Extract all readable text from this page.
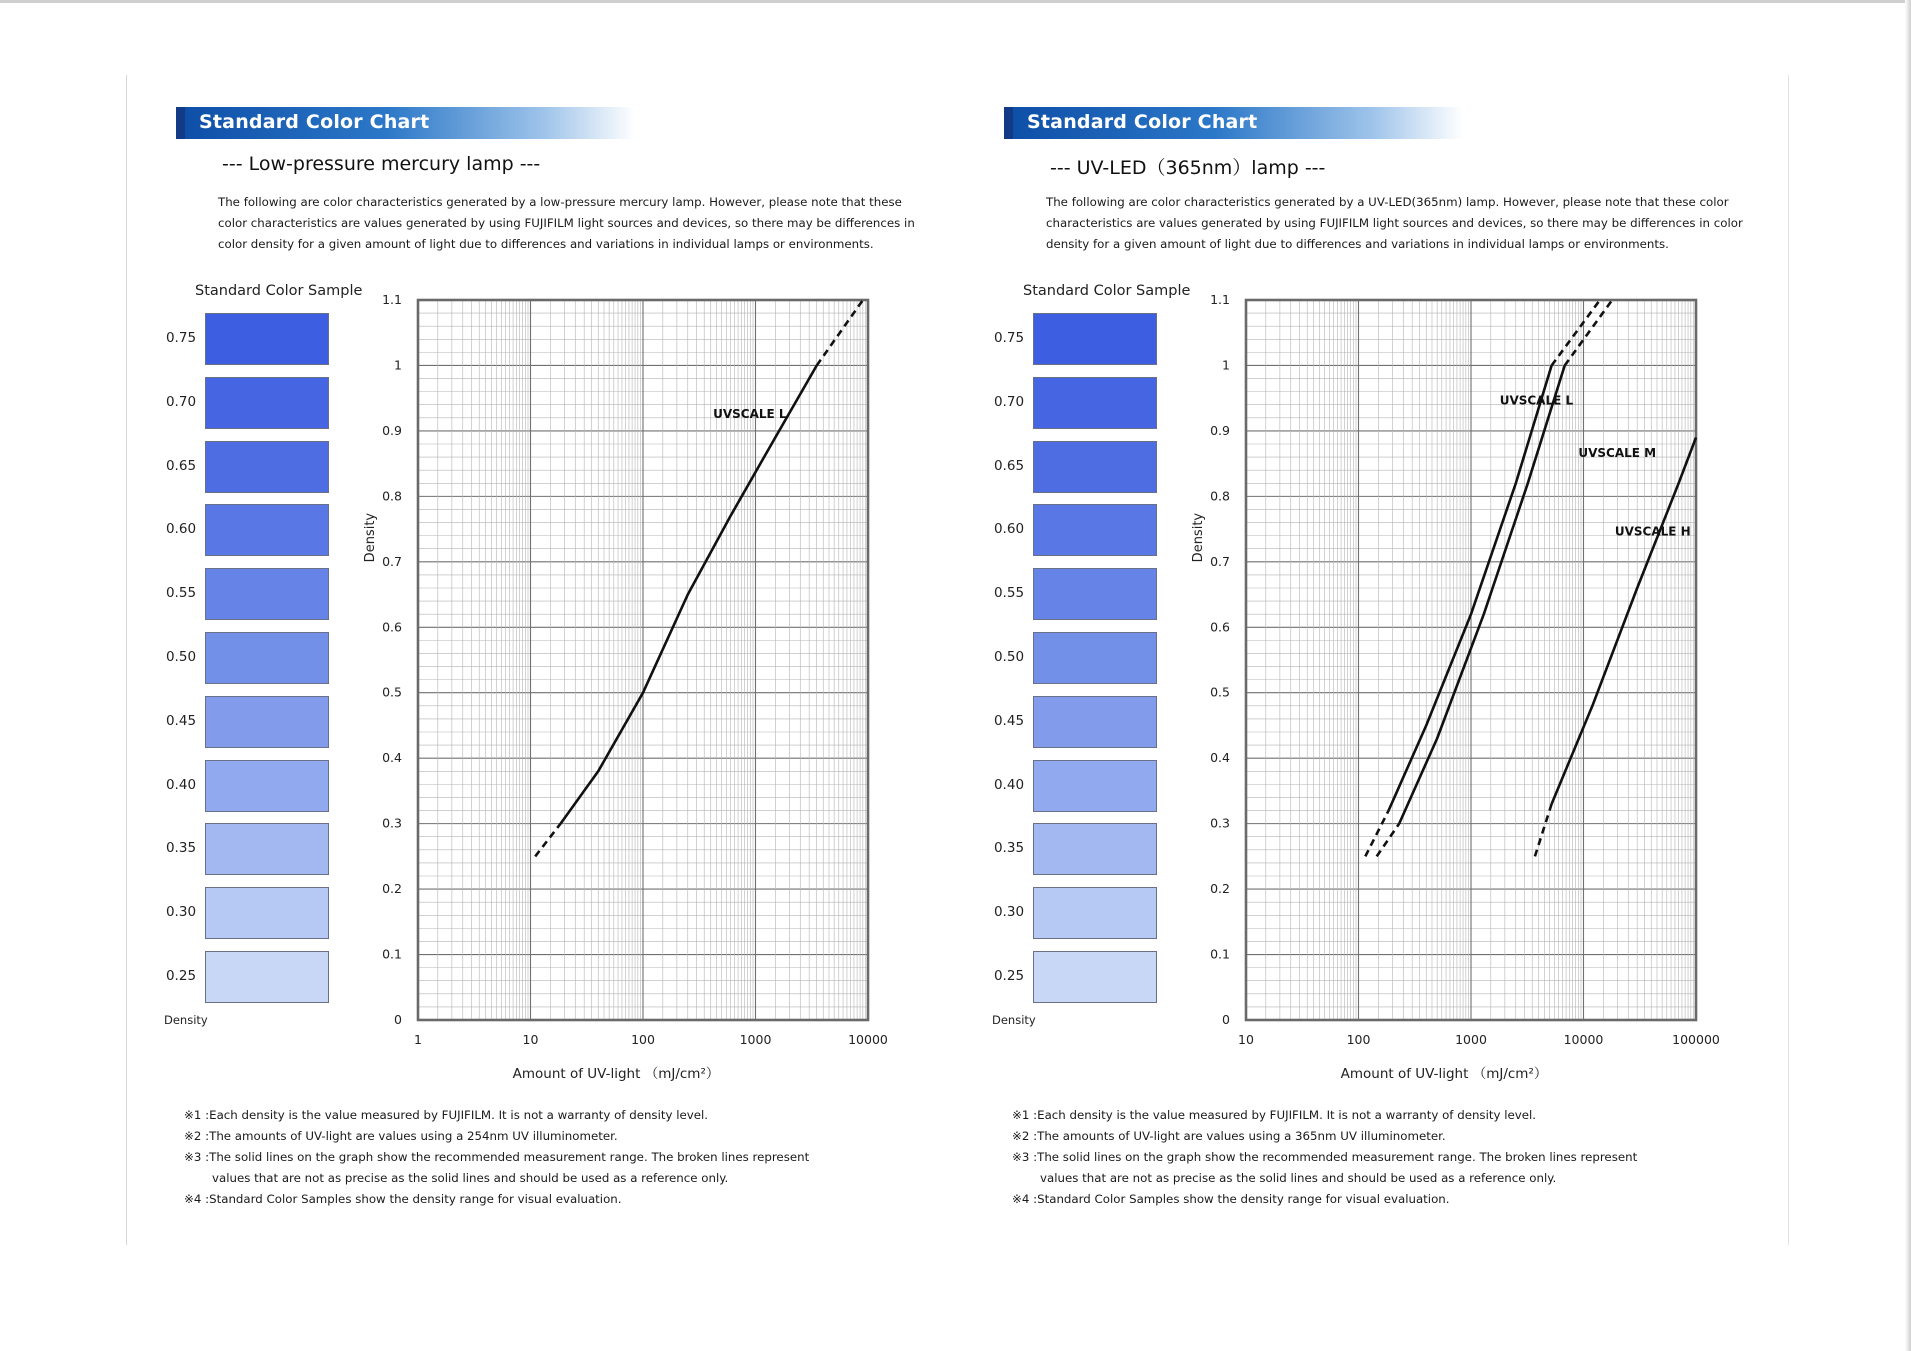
Standard Color Chart
--- Low-pressure mercury lamp ---
The following are color characteristics generated by a low-pressure mercury lamp. However, please note that these color characteristics are values generated by using FUJIFILM light sources and devices, so there may be differences in color density for a given amount of light due to differences and variations in individual lamps or environments.
Standard Color Sample
0.75
0.70
0.65
0.60
0.55
0.50
0.45
0.40
0.35
0.30
0.25
Density	0
0.1
0.2
0.3
0.4
0.5
0.6
0.7
0.8
0.9
1
1.1
1	10	100	1000	10000
Amount of UV-light （mJ/cm²）
Density
UVSCALE L
※1 :Each density is the value measured by FUJIFILM. It is not a warranty of density level.
※2 :The amounts of UV-light are values using a 254nm UV illuminometer.
※3 :The solid lines on the graph show the recommended measurement range. The broken lines represent
values that are not as precise as the solid lines and should be used as a reference only.
※4 :Standard Color Samples show the density range for visual evaluation.
Standard Color Chart
--- UV-LED（365nm）lamp ---
The following are color characteristics generated by a UV-LED(365nm) lamp. However, please note that these color characteristics are values generated by using FUJIFILM light sources and devices, so there may be differences in color density for a given amount of light due to differences and variations in individual lamps or environments.
Standard Color Sample
0.75
0.70
0.65
0.60
0.55
0.50
0.45
0.40
0.35
0.30
0.25
Density	0
0.1
0.2
0.3
0.4
0.5
0.6
0.7
0.8
0.9
1
1.1
10	100	1000	10000	100000
Amount of UV-light （mJ/cm²）
Density
UVSCALE L
UVSCALE M
UVSCALE H
※1 :Each density is the value measured by FUJIFILM. It is not a warranty of density level.
※2 :The amounts of UV-light are values using a 365nm UV illuminometer.
※3 :The solid lines on the graph show the recommended measurement range. The broken lines represent
values that are not as precise as the solid lines and should be used as a reference only.
※4 :Standard Color Samples show the density range for visual evaluation.
